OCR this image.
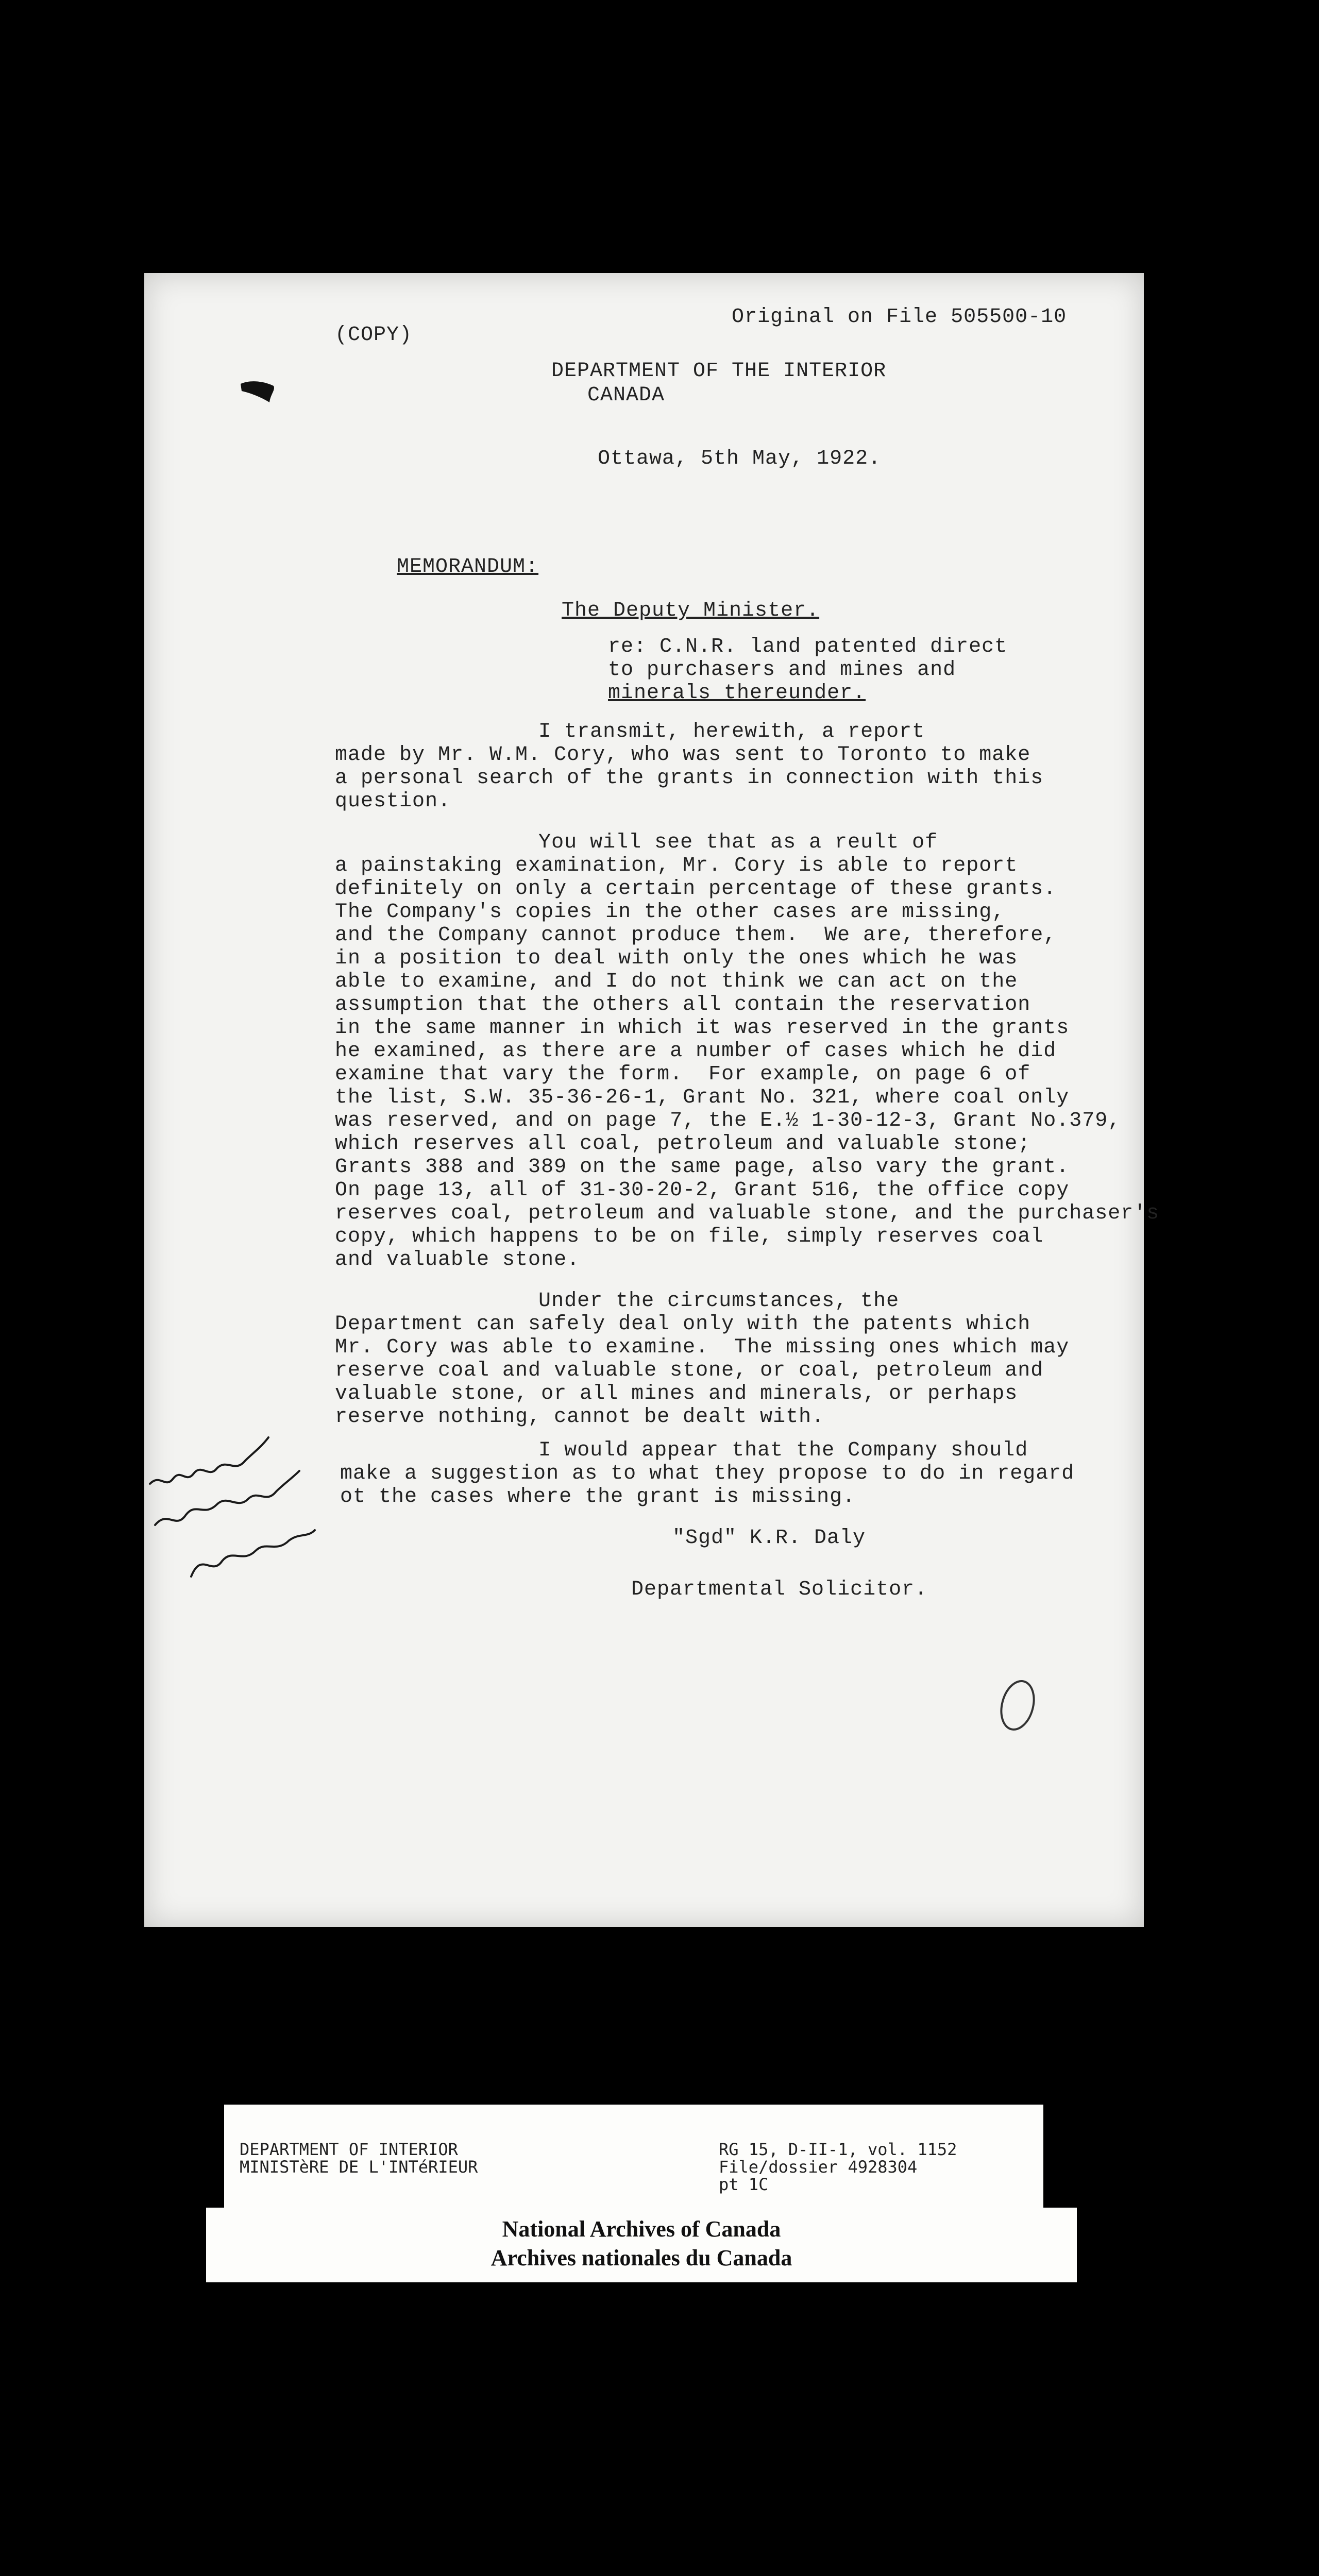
(COPY)
Original on File 505500-10
DEPARTMENT OF THE INTERIOR
CANADA
Ottawa, 5th May, 1922.
MEMORANDUM:
The Deputy Minister.
re: C.N.R. land patented direct
to purchasers and mines and
minerals thereunder.
I transmit, herewith, a report
made by Mr. W.M. Cory, who was sent to Toronto to make
a personal search of the grants in connection with this
question.
You will see that as a reult of
a painstaking examination, Mr. Cory is able to report
definitely on only a certain percentage of these grants.
The Company's copies in the other cases are missing,
and the Company cannot produce them.  We are, therefore,
in a position to deal with only the ones which he was
able to examine, and I do not think we can act on the
assumption that the others all contain the reservation
in the same manner in which it was reserved in the grants
he examined, as there are a number of cases which he did
examine that vary the form.  For example, on page 6 of
the list, S.W. 35-36-26-1, Grant No. 321, where coal only
was reserved, and on page 7, the E.½ 1-30-12-3, Grant No.379,
which reserves all coal, petroleum and valuable stone;
Grants 388 and 389 on the same page, also vary the grant.
On page 13, all of 31-30-20-2, Grant 516, the office copy
reserves coal, petroleum and valuable stone, and the purchaser's
copy, which happens to be on file, simply reserves coal
and valuable stone.
Under the circumstances, the
Department can safely deal only with the patents which
Mr. Cory was able to examine.  The missing ones which may
reserve coal and valuable stone, or coal, petroleum and
valuable stone, or all mines and minerals, or perhaps
reserve nothing, cannot be dealt with.
I would appear that the Company should
make a suggestion as to what they propose to do in regard
ot the cases where the grant is missing.
"Sgd" K.R. Daly
Departmental Solicitor.
DEPARTMENT OF INTERIOR
MINISTèRE DE L'INTéRIEUR
RG 15, D-II-1, vol. 1152
File/dossier 4928304
pt 1C
National Archives of Canada
Archives nationales du Canada
